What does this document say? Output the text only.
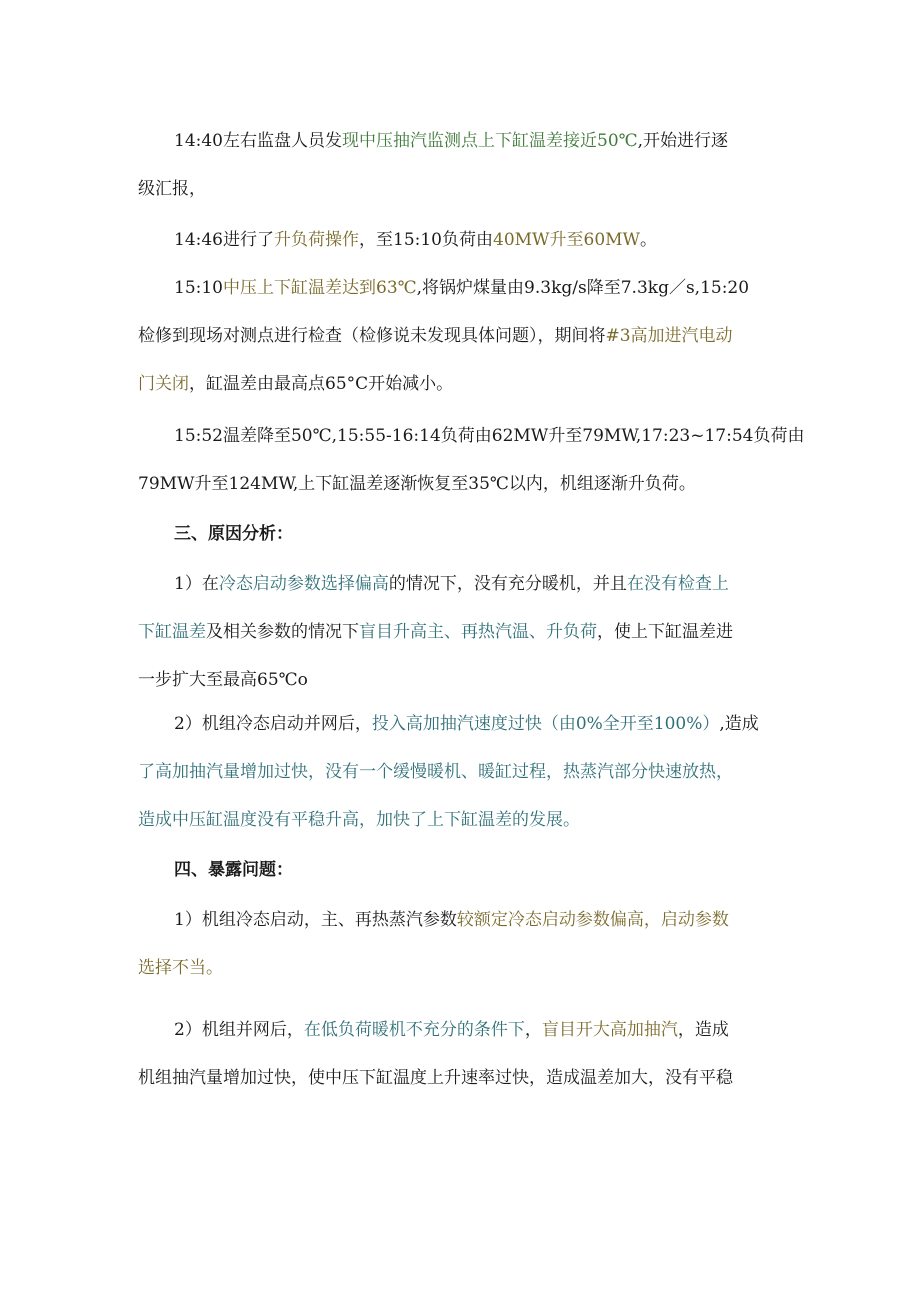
14:40左右监盘人员发现中压抽汽监测点上下缸温差接近50℃,开始进行逐
级汇报，

14:46进行了升负荷操作，至15:10负荷由40MW升至60MW。

15:10中压上下缸温差达到63℃,将锅炉煤量由9.3kg/s降至7.3kg／s,15:20
检修到现场对测点进行检查（检修说未发现具体问题），期间将#3高加进汽电动
门关闭，缸温差由最高点65°C开始减小。

15:52温差降至50℃,15:55-16:14负荷由62MW升至79MW,17:23~17:54负荷由
79MW升至124MW,上下缸温差逐渐恢复至35℃以内，机组逐渐升负荷。

三、原因分析：

1）在冷态启动参数选择偏高的情况下，没有充分暖机，并且在没有检查上
下缸温差及相关参数的情况下盲目升高主、再热汽温、升负荷，使上下缸温差进
一步扩大至最高65℃o

2）机组冷态启动并网后，投入高加抽汽速度过快（由0%全开至100%）,造成
了高加抽汽量增加过快，没有一个缓慢暖机、暖缸过程，热蒸汽部分快速放热，
造成中压缸温度没有平稳升高，加快了上下缸温差的发展。

四、暴露问题：

1）机组冷态启动，主、再热蒸汽参数较额定冷态启动参数偏高，启动参数
选择不当。

2）机组并网后，在低负荷暖机不充分的条件下，盲目开大高加抽汽，造成
机组抽汽量增加过快，使中压下缸温度上升速率过快，造成温差加大，没有平稳
